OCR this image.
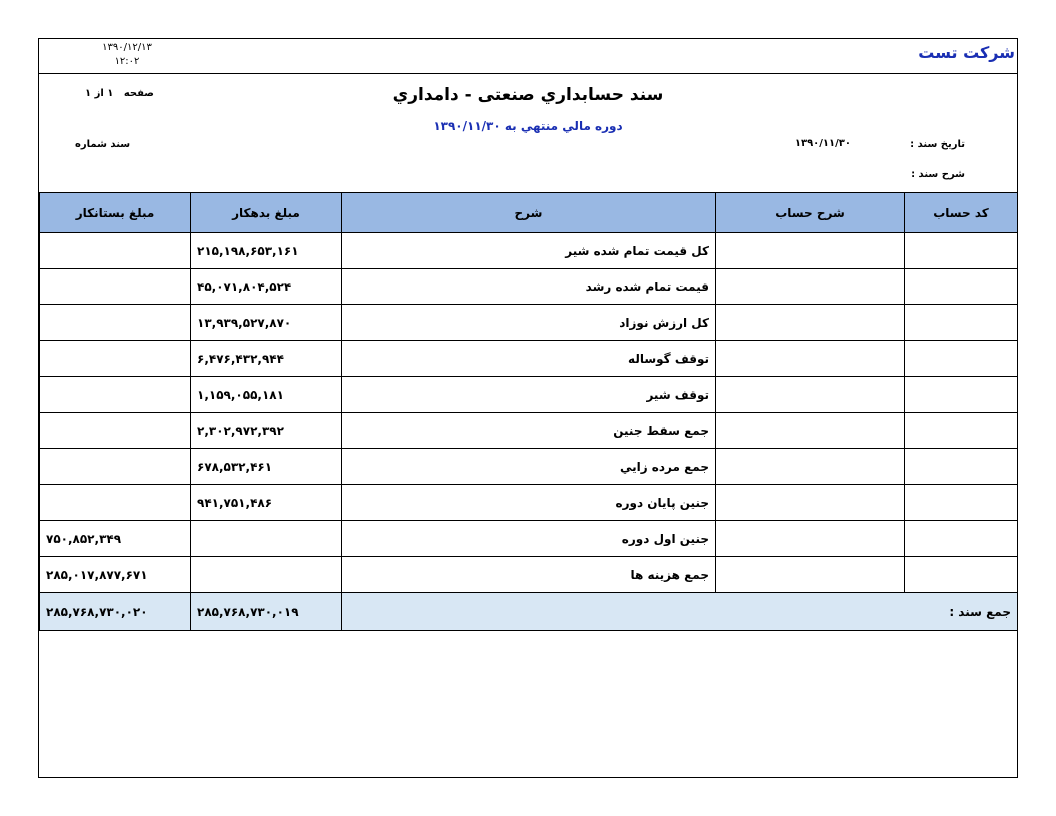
شرکت تست
۱۳۹۰/۱۲/۱۳
۱۲:۰۲
صفحه   ۱ از ۱	سند حسابداري صنعتی - دامداري
دوره مالي منتهي به ۱۳۹۰/۱۱/۳۰
سند شماره	تاريخ سند :
۱۳۹۰/۱۱/۳۰
شرح سند :
مبلغ بستانکار	مبلغ بدهکار	شرح	شرح حساب	کد حساب
	۲۱۵,۱۹۸,۶۵۳,۱۶۱	کل قيمت تمام شده شير		
	۴۵,۰۷۱,۸۰۴,۵۲۴	قيمت تمام شده رشد		
	۱۳,۹۳۹,۵۲۷,۸۷۰	کل ارزش نوزاد		
	۶,۴۷۶,۴۳۲,۹۴۴	توقف گوساله		
	۱,۱۵۹,۰۵۵,۱۸۱	توقف شير		
	۲,۳۰۲,۹۷۲,۳۹۲	جمع سقط جنين		
	۶۷۸,۵۳۲,۴۶۱	جمع مرده زايي		
	۹۴۱,۷۵۱,۴۸۶	جنين پايان دوره		
۷۵۰,۸۵۲,۳۴۹		جنين اول دوره		
۲۸۵,۰۱۷,۸۷۷,۶۷۱		جمع هزينه ها		
۲۸۵,۷۶۸,۷۳۰,۰۲۰	۲۸۵,۷۶۸,۷۳۰,۰۱۹	جمع سند :		
